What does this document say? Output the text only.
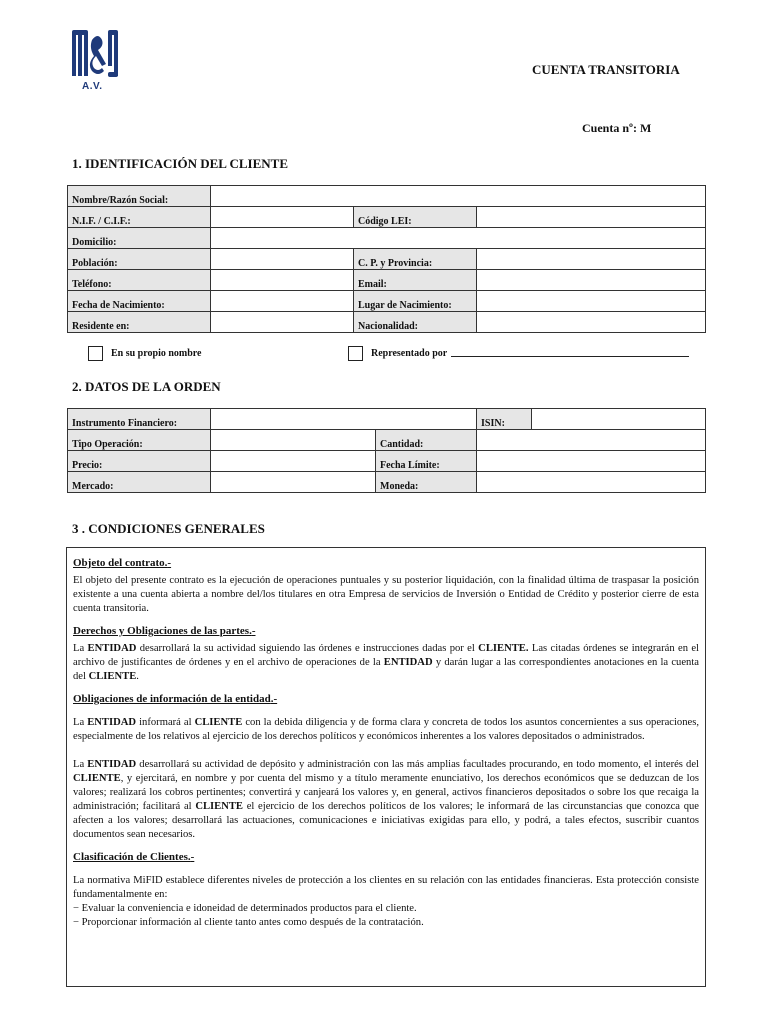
A.V.
CUENTA TRANSITORIA
Cuenta nº: M
1. IDENTIFICACIÓN DEL CLIENTE
Nombre/Razón Social:			
N.I.F. / C.I.F.:		Código LEI:	
Domicilio:			
Población:		C. P. y Provincia:	
Teléfono:		Email:	
Fecha de Nacimiento:		Lugar de Nacimiento:	
Residente en:		Nacionalidad:	
En su propio nombre	Representado por
2. DATOS DE LA ORDEN
Instrumento Financiero:			ISIN:	
Tipo Operación:		Cantidad:		
Precio:		Fecha Límite:		
Mercado:		Moneda:		
3 . CONDICIONES GENERALES
Objeto del contrato.-

El objeto del presente contrato es la ejecución de operaciones puntuales y su posterior liquidación, con la finalidad última de traspasar la posición existente a una cuenta abierta a nombre del/los titulares en otra Empresa de servicios de Inversión o Entidad de Crédito y posterior cierre de esta cuenta transitoria.

Derechos y Obligaciones de las partes.-

La ENTIDAD desarrollará la su actividad siguiendo las órdenes e instrucciones dadas por el CLIENTE. Las citadas órdenes se integrarán en el archivo de justificantes de órdenes y en el archivo de operaciones de la ENTIDAD y darán lugar a las correspondientes anotaciones en la cuenta del CLIENTE.

Obligaciones de información de la entidad.-

La ENTIDAD informará al CLIENTE con la debida diligencia y de forma clara y concreta de todos los asuntos concernientes a sus operaciones, especialmente de los relativos al ejercicio de los derechos políticos y económicos inherentes a los valores depositados o administrados.

La ENTIDAD desarrollará su actividad de depósito y administración con las más amplias facultades procurando, en todo momento, el interés del CLIENTE, y ejercitará, en nombre y por cuenta del mismo y a título meramente enunciativo, los derechos económicos que se deduzcan de los valores; realizará los cobros pertinentes; convertirá y canjeará los valores y, en general, activos financieros depositados o sobre los que recaiga la administración; facilitará al CLIENTE el ejercicio de los derechos políticos de los valores; le informará de las circunstancias que conozca que afecten a los valores; desarrollará las actuaciones, comunicaciones e iniciativas exigidas para ello, y podrá, a tales efectos, suscribir cuantos documentos sean necesarios.

Clasificación de Clientes.-

La normativa MiFID establece diferentes niveles de protección a los clientes en su relación con las entidades financieras. Esta protección consiste fundamentalmente en:

− Evaluar la conveniencia e idoneidad de determinados productos para el cliente.

− Proporcionar información al cliente tanto antes como después de la contratación.
